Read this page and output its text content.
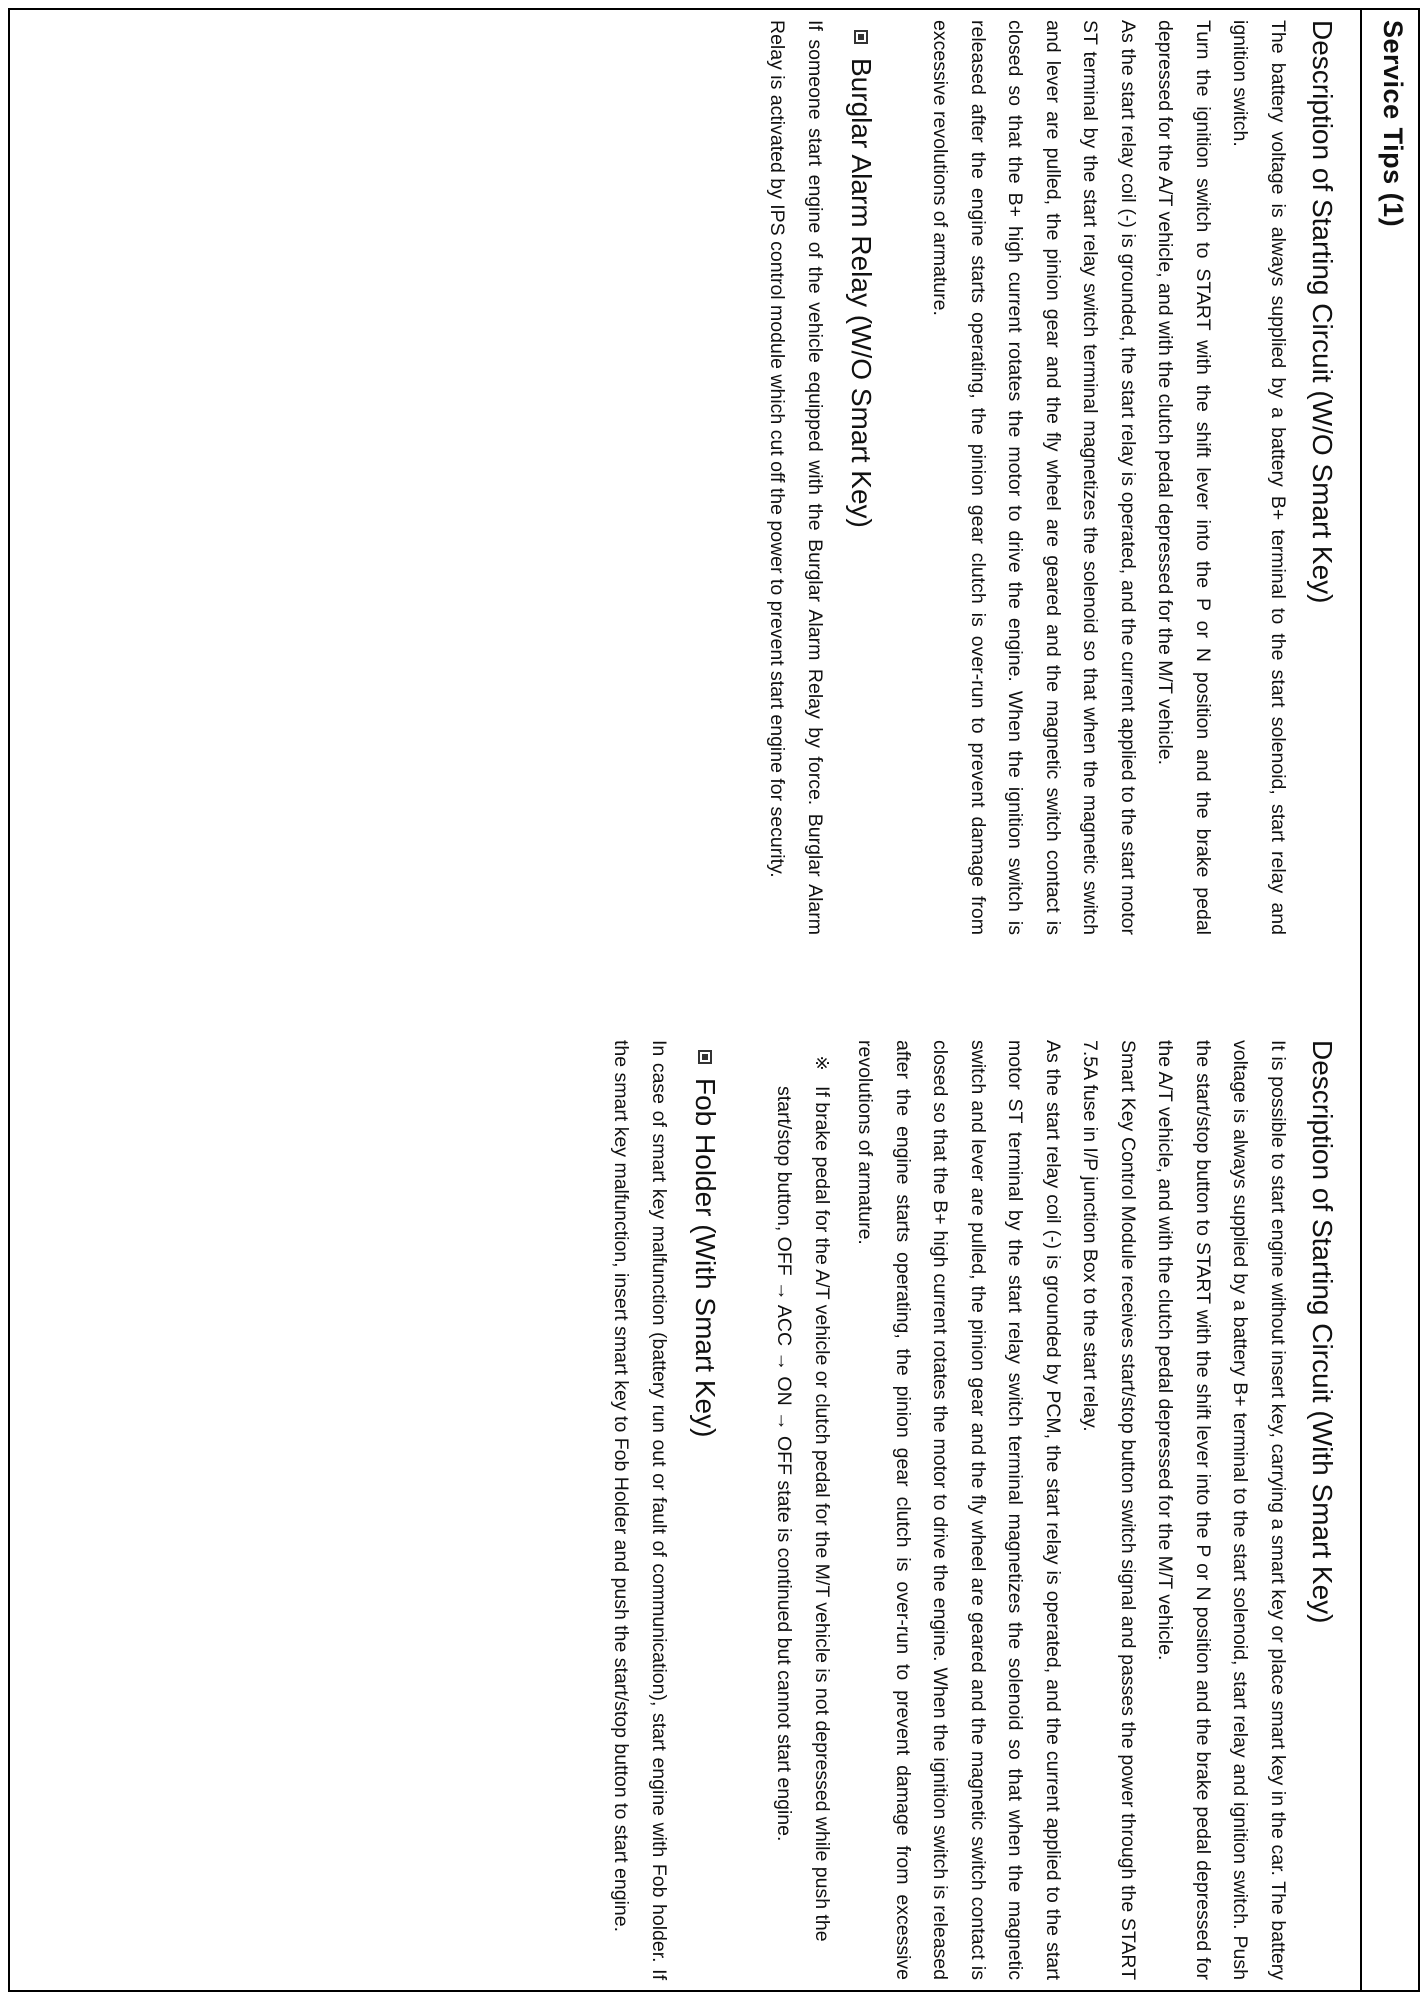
Service Tips (1)
Description of Starting Circuit (W/O Smart Key)

The battery voltage is always supplied by a battery B+ terminal to the start solenoid, start relay and ignition switch.

Turn the ignition switch to START with the shift lever into the P or N position and the brake pedal depressed for the A/T vehicle, and with the clutch pedal depressed for the M/T vehicle.

As the start relay coil (-) is grounded, the start relay is operated, and the current applied to the start motor ST terminal by the start relay switch terminal magnetizes the solenoid so that when the magnetic switch and lever are pulled, the pinion gear and the fly wheel are geared and the magnetic switch contact is closed so that the B+ high current rotates the motor to drive the engine. When the ignition switch is released after the engine starts operating, the pinion gear clutch is over-run to prevent damage from excessive revolutions of armature.

Burglar Alarm Relay (W/O Smart Key)

If someone start engine of the vehicle equipped with the Burglar Alarm Relay by force. Burglar Alarm Relay is activated by IPS control module which cut off the power to prevent start engine for security.

Description of Starting Circuit (With Smart Key)

It is possible to start engine without insert key, carrying a smart key or place smart key in the car. The battery voltage is always supplied by a battery B+ terminal to the start solenoid, start relay and ignition switch. Push the start/stop button to START with the shift lever into the P or N position and the brake pedal depressed for the A/T vehicle, and with the clutch pedal depressed for the M/T vehicle.

Smart Key Control Module receives start/stop button switch signal and passes the power through the START 7.5A fuse in I/P junction Box to the start relay.

As the start relay coil (-) is grounded by PCM, the start relay is operated, and the current applied to the start motor ST terminal by the start relay switch terminal magnetizes the solenoid so that when the magnetic switch and lever are pulled, the pinion gear and the fly wheel are geared and the magnetic switch contact is closed so that the B+ high current rotates the motor to drive the engine. When the ignition switch is released after the engine starts operating, the pinion gear clutch is over-run to prevent damage from excessive revolutions of armature.

※
If brake pedal for the A/T vehicle or clutch pedal for the M/T vehicle is not depressed while push the start/stop button, OFF → ACC → ON → OFF state is continued but cannot start engine.
Fob Holder (With Smart Key)

In case of smart key malfunction (battery run out or fault of communication), start engine with Fob holder. If the smart key malfunction, insert smart key to Fob Holder and push the start/stop button to start engine.
